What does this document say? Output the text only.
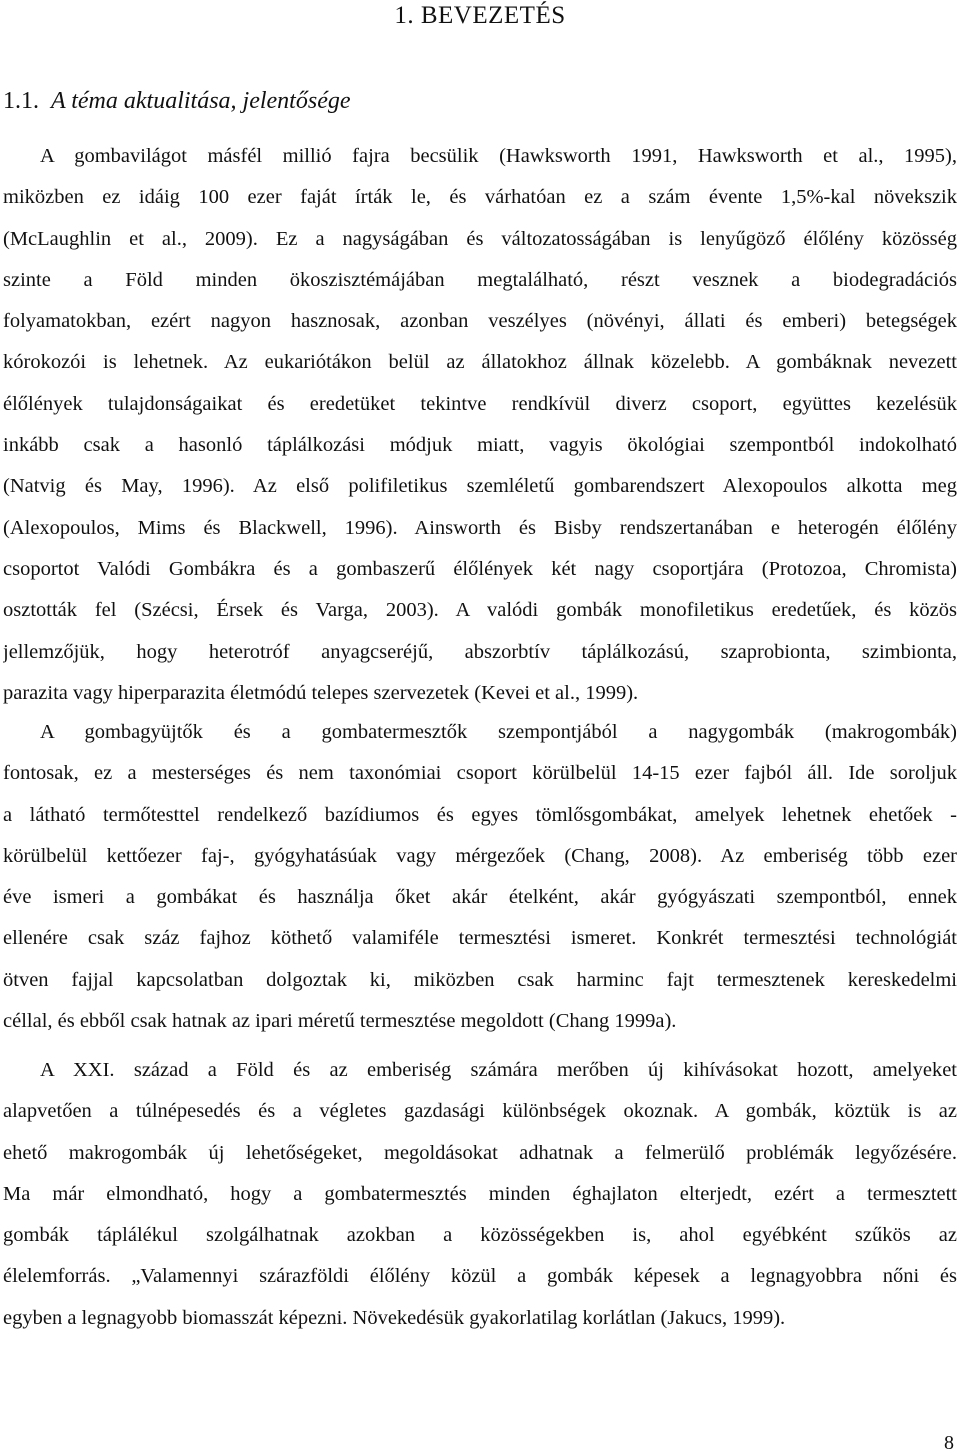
1. BEVEZETÉS
1.1. A téma aktualitása, jelentősége
A gombavilágot másfél millió fajra becsülik (Hawksworth 1991, Hawksworth et al., 1995),
miközben ez idáig 100 ezer faját írták le, és várhatóan ez a szám évente 1,5%-kal növekszik
(McLaughlin et al., 2009). Ez a nagyságában és változatosságában is lenyűgöző élőlény közösség
szinte a Föld minden ökoszisztémájában megtalálható, részt vesznek a biodegradációs
folyamatokban, ezért nagyon hasznosak, azonban veszélyes (növényi, állati és emberi) betegségek
kórokozói is lehetnek. Az eukariótákon belül az állatokhoz állnak közelebb. A gombáknak nevezett
élőlények tulajdonságaikat és eredetüket tekintve rendkívül diverz csoport, együttes kezelésük
inkább csak a hasonló táplálkozási módjuk miatt, vagyis ökológiai szempontból indokolható
(Natvig és May, 1996). Az első polifiletikus szemléletű gombarendszert Alexopoulos alkotta meg
(Alexopoulos, Mims és Blackwell, 1996). Ainsworth és Bisby rendszertanában e heterogén élőlény
csoportot Valódi Gombákra és a gombaszerű élőlények két nagy csoportjára (Protozoa, Chromista)
osztották fel (Szécsi, Érsek és Varga, 2003). A valódi gombák monofiletikus eredetűek, és közös
jellemzőjük, hogy heterotróf anyagcseréjű, abszorbtív táplálkozású, szaprobionta, szimbionta,
parazita vagy hiperparazita életmódú telepes szervezetek (Kevei et al., 1999).
A gombagyüjtők és a gombatermesztők szempontjából a nagygombák (makrogombák)
fontosak, ez a mesterséges és nem taxonómiai csoport körülbelül 14-15 ezer fajból áll. Ide soroljuk
a látható termőtesttel rendelkező bazídiumos és egyes tömlősgombákat, amelyek lehetnek ehetőek -
körülbelül kettőezer faj-, gyógyhatásúak vagy mérgezőek (Chang, 2008). Az emberiség több ezer
éve ismeri a gombákat és használja őket akár ételként, akár gyógyászati szempontból, ennek
ellenére csak száz fajhoz köthető valamiféle termesztési ismeret. Konkrét termesztési technológiát
ötven fajjal kapcsolatban dolgoztak ki, miközben csak harminc fajt termesztenek kereskedelmi
céllal, és ebből csak hatnak az ipari méretű termesztése megoldott (Chang 1999a).
A XXI. század a Föld és az emberiség számára merőben új kihívásokat hozott, amelyeket
alapvetően a túlnépesedés és a végletes gazdasági különbségek okoznak. A gombák, köztük is az
ehető makrogombák új lehetőségeket, megoldásokat adhatnak a felmerülő problémák legyőzésére.
Ma már elmondható, hogy a gombatermesztés minden éghajlaton elterjedt, ezért a termesztett
gombák táplálékul szolgálhatnak azokban a közösségekben is, ahol egyébként szűkös az
élelemforrás. „Valamennyi szárazföldi élőlény közül a gombák képesek a legnagyobbra nőni és
egyben a legnagyobb biomasszát képezni. Növekedésük gyakorlatilag korlátlan (Jakucs, 1999).
8
